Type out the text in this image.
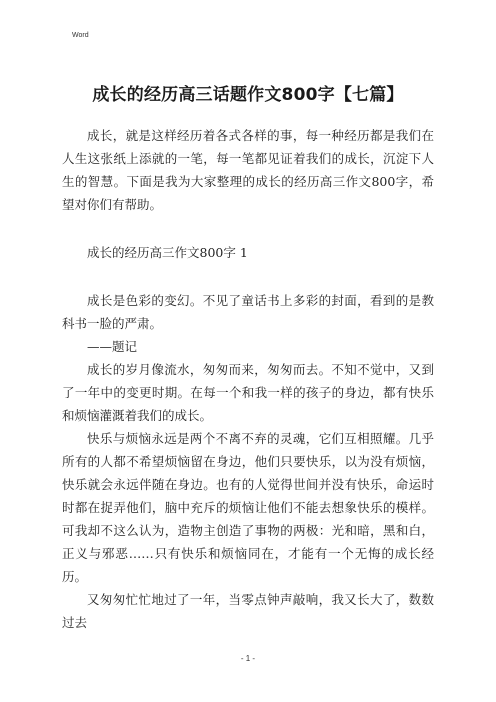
Word
成长的经历高三话题作文800字【七篇】

成长，就是这样经历着各式各样的事，每一种经历都是我们在人生这张纸上添就的一笔，每一笔都见证着我们的成长，沉淀下人生的智慧。下面是我为大家整理的成长的经历高三作文800字，希望对你们有帮助。

成长的经历高三作文800字 1

成长是色彩的变幻。不见了童话书上多彩的封面，看到的是教科书一脸的严肃。

——题记

成长的岁月像流水，匆匆而来，匆匆而去。不知不觉中，又到了一年中的变更时期。在每一个和我一样的孩子的身边，都有快乐和烦恼灌溉着我们的成长。

快乐与烦恼永远是两个不离不弃的灵魂，它们互相照耀。几乎所有的人都不希望烦恼留在身边，他们只要快乐，以为没有烦恼，快乐就会永远伴随在身边。也有的人觉得世间并没有快乐，命运时时都在捉弄他们，脑中充斥的烦恼让他们不能去想象快乐的模样。可我却不这么认为，造物主创造了事物的两极：光和暗，黑和白，正义与邪恶……只有快乐和烦恼同在，才能有一个无悔的成长经历。

又匆匆忙忙地过了一年，当零点钟声敲响，我又长大了，数数过去

- 1 -
